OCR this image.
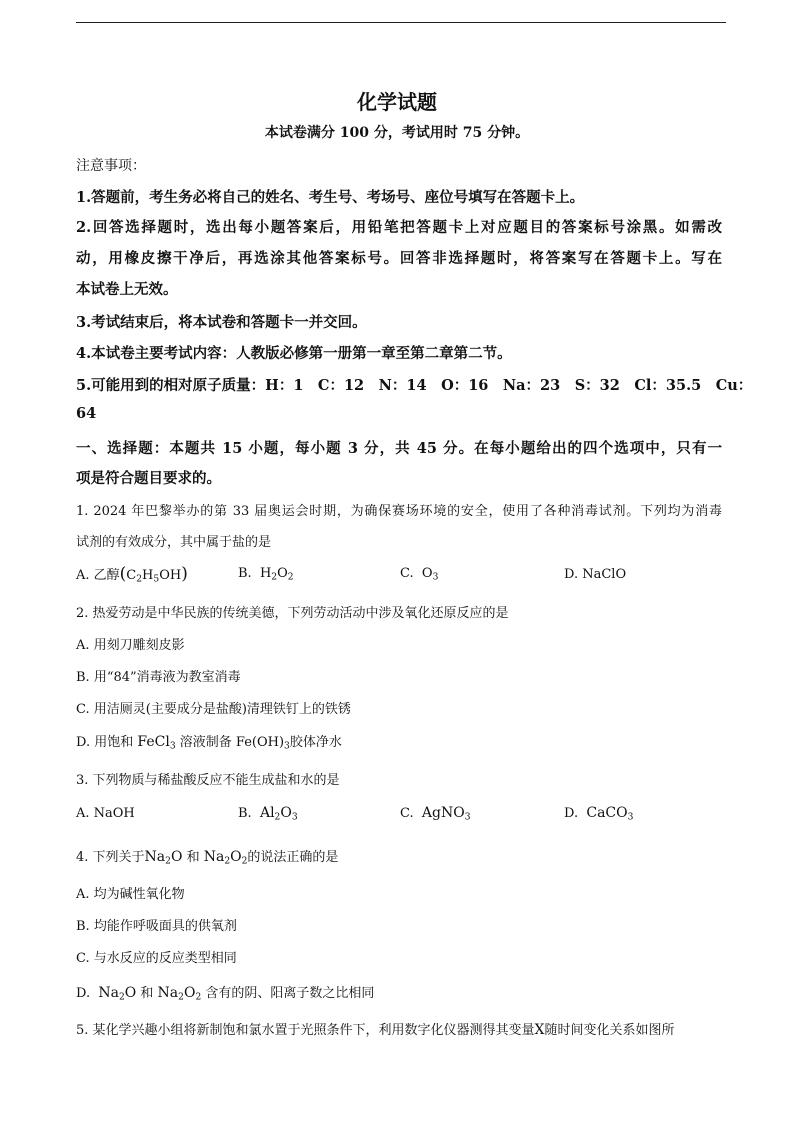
化学试题
本试卷满分 100 分，考试用时 75 分钟。
注意事项：
1.答题前，考生务必将自己的姓名、考生号、考场号、座位号填写在答题卡上。
2.回答选择题时，选出每小题答案后，用铅笔把答题卡上对应题目的答案标号涂黑。如需改
动，用橡皮擦干净后，再选涂其他答案标号。回答非选择题时，将答案写在答题卡上。写在
本试卷上无效。
3.考试结束后，将本试卷和答题卡一并交回。
4.本试卷主要考试内容：人教版必修第一册第一章至第二章第二节。
5.可能用到的相对原子质量：H：1　C：12　N：14　O：16　Na：23　S：32　Cl：35.5　Cu：
64
一、选择题：本题共 15 小题，每小题 3 分，共 45 分。在每小题给出的四个选项中，只有一
项是符合题目要求的。
1. 2024 年巴黎举办的第 33 届奥运会时期，为确保赛场环境的安全，使用了各种消毒试剂。下列均为消毒
试剂的有效成分，其中属于盐的是
A. 乙醇$(C_2H_5OH)$	B. $H_2O_2$	C. $O_3$	D. NaClO
2. 热爱劳动是中华民族的传统美德，下列劳动活动中涉及氧化还原反应的是
A. 用刻刀雕刻皮影
B. 用“84”消毒液为教室消毒
C. 用洁厕灵(主要成分是盐酸)清理铁钉上的铁锈
D. 用饱和 FeCl$_3$ 溶液制备 $Fe(OH)_3$胶体净水
3. 下列物质与稀盐酸反应不能生成盐和水的是
A. NaOH	B. $Al_2O_3$	C. AgNO$_3$	D. CaCO$_3$
4. 下列关于$Na_2O$ 和 $Na_2O_2$的说法正确的是
A. 均为碱性氧化物
B. 均能作呼吸面具的供氧剂
C. 与水反应的反应类型相同
D. $Na_2O$ 和 $Na_2O_2$ 含有的阴、阳离子数之比相同
5. 某化学兴趣小组将新制饱和氯水置于光照条件下，利用数字化仪器测得其变量X随时间变化关系如图所
